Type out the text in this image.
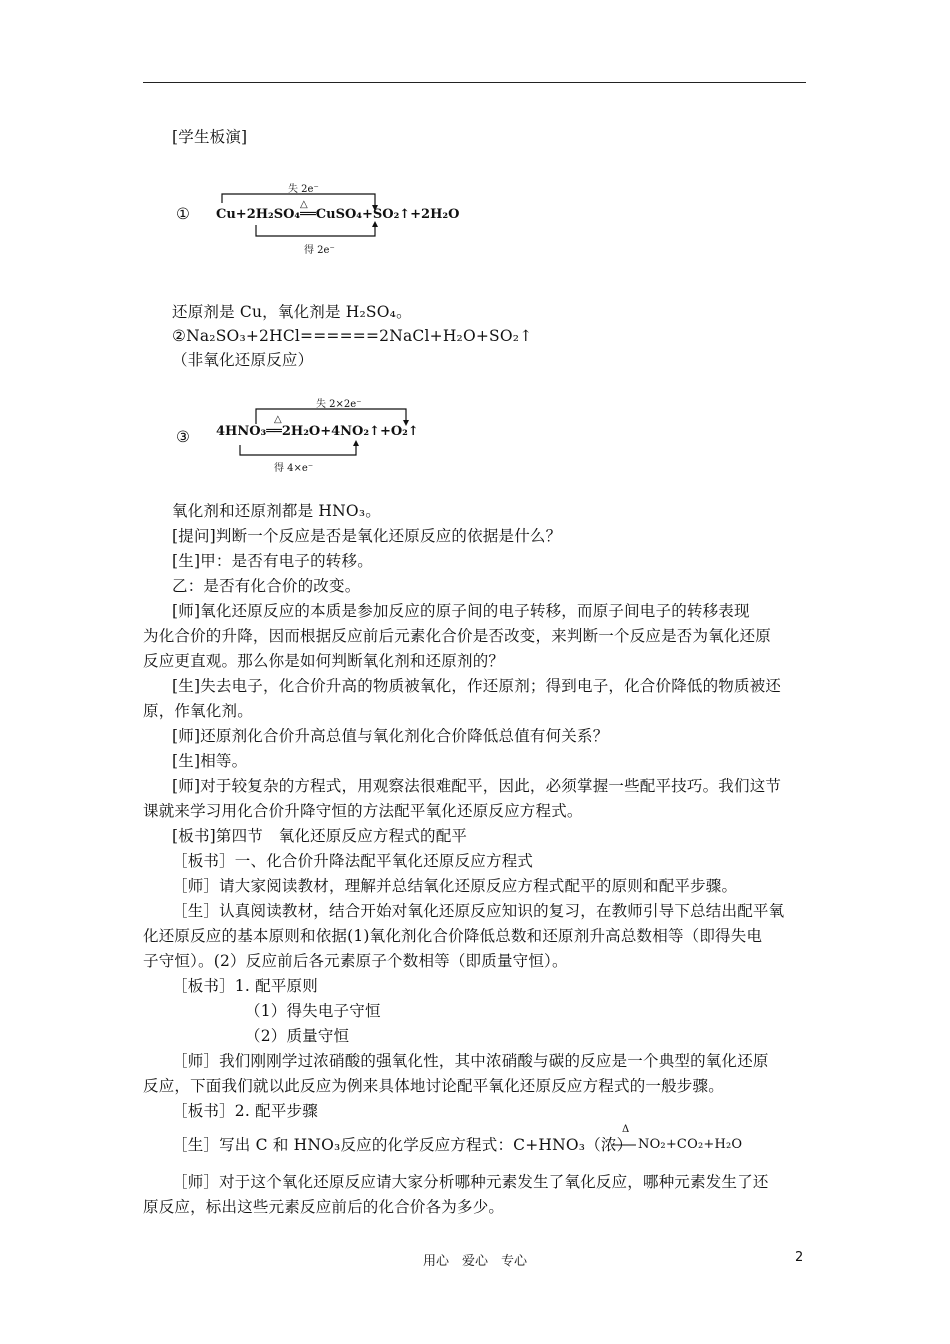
[学生板演]
①
失 2e⁻
△
Cu+2H₂SO₄══CuSO₄+SO₂↑+2H₂O
得 2e⁻
还原剂是 Cu，氧化剂是 H₂SO₄。
②Na₂SO₃+2HCl======2NaCl+H₂O+SO₂↑
（非氧化还原反应）
③
失 2×2e⁻
△
4HNO₃══2H₂O+4NO₂↑+O₂↑
得 4×e⁻
氧化剂和还原剂都是 HNO₃。
[提问]判断一个反应是否是氧化还原反应的依据是什么？
[生]甲：是否有电子的转移。
乙：是否有化合价的改变。
[师]氧化还原反应的本质是参加反应的原子间的电子转移，而原子间电子的转移表现
为化合价的升降，因而根据反应前后元素化合价是否改变，来判断一个反应是否为氧化还原
反应更直观。那么你是如何判断氧化剂和还原剂的？
[生]失去电子，化合价升高的物质被氧化，作还原剂；得到电子，化合价降低的物质被还
原，作氧化剂。
[师]还原剂化合价升高总值与氧化剂化合价降低总值有何关系？
[生]相等。
[师]对于较复杂的方程式，用观察法很难配平，因此，必须掌握一些配平技巧。我们这节
课就来学习用化合价升降守恒的方法配平氧化还原反应方程式。
[板书]第四节　氧化还原反应方程式的配平
［板书］一、化合价升降法配平氧化还原反应方程式
［师］请大家阅读教材，理解并总结氧化还原反应方程式配平的原则和配平步骤。
［生］认真阅读教材，结合开始对氧化还原反应知识的复习，在教师引导下总结出配平氧
化还原反应的基本原则和依据(1)氧化剂化合价降低总数和还原剂升高总数相等（即得失电
子守恒）。(2）反应前后各元素原子个数相等（即质量守恒）。
［板书］1. 配平原则
（1）得失电子守恒
（2）质量守恒
［师］我们刚刚学过浓硝酸的强氧化性，其中浓硝酸与碳的反应是一个典型的氧化还原
反应，下面我们就以此反应为例来具体地讨论配平氧化还原反应方程式的一般步骤。
［板书］2. 配平步骤
［生］写出 C 和 HNO₃反应的化学反应方程式：C+HNO₃（浓）
Δ
NO₂+CO₂+H₂O
［师］对于这个氧化还原反应请大家分析哪种元素发生了氧化反应，哪种元素发生了还
原反应，标出这些元素反应前后的化合价各为多少。
用心　爱心　专心	2
